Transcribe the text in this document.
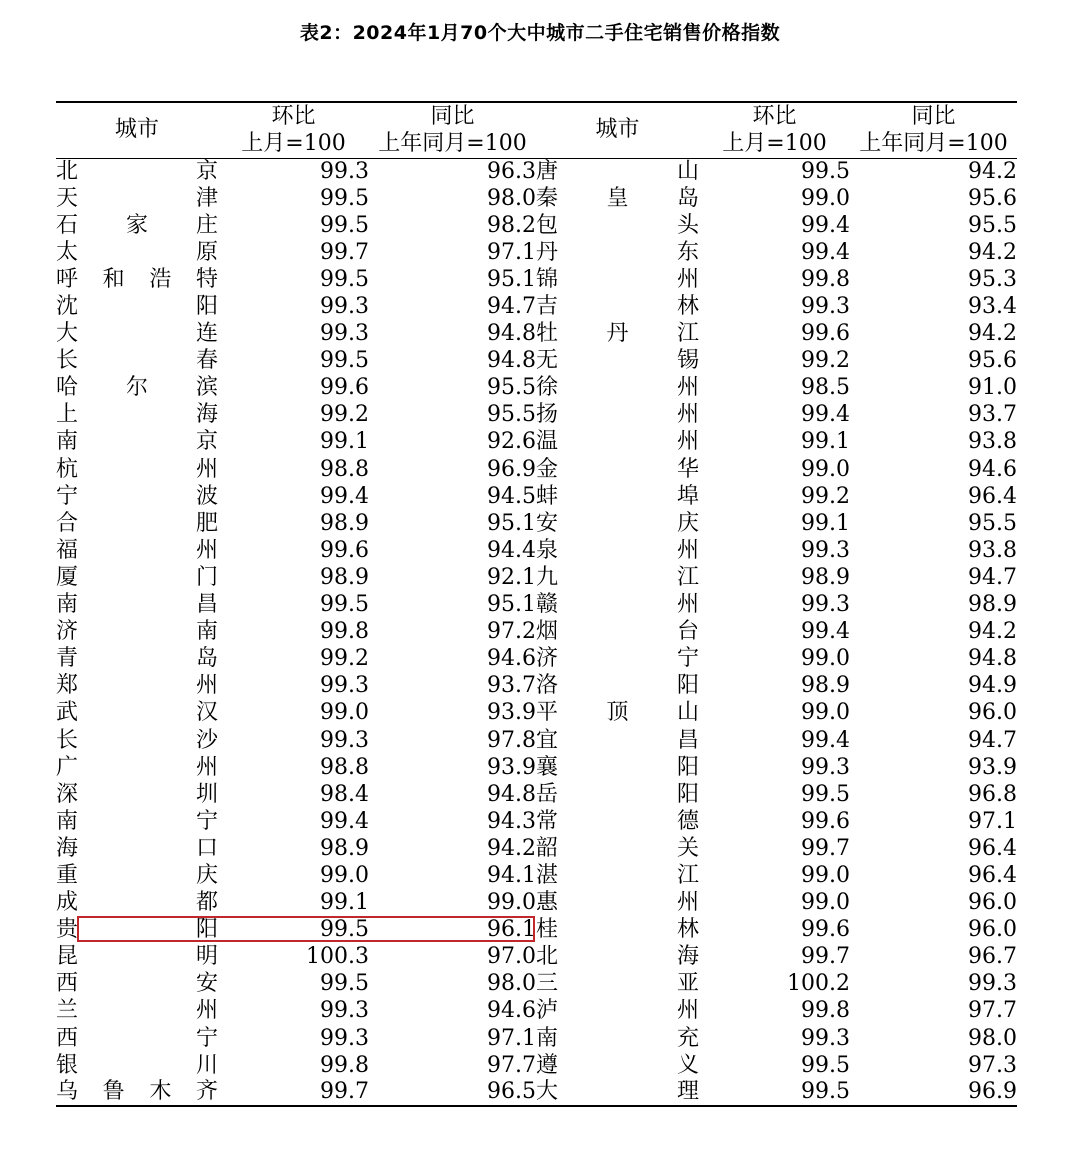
表2：2024年1月70个大中城市二手住宅销售价格指数
城市	环比	同比	城市	环比	同比
	上月=100	上年同月=100		上月=100	上年同月=100

北 京	99.3	96.3	唐 山	99.5	94.2

天 津	99.5	98.0	秦 皇 岛	99.0	95.6

石 家 庄	99.5	98.2	包 头	99.4	95.5

太 原	99.7	97.1	丹 东	99.4	94.2

呼 和 浩 特	99.5	95.1	锦 州	99.8	95.3

沈 阳	99.3	94.7	吉 林	99.3	93.4

大 连	99.3	94.8	牡 丹 江	99.6	94.2

长 春	99.5	94.8	无 锡	99.2	95.6

哈 尔 滨	99.6	95.5	徐 州	98.5	91.0

上 海	99.2	95.5	扬 州	99.4	93.7

南 京	99.1	92.6	温 州	99.1	93.8

杭 州	98.8	96.9	金 华	99.0	94.6

宁 波	99.4	94.5	蚌 埠	99.2	96.4

合 肥	98.9	95.1	安 庆	99.1	95.5

福 州	99.6	94.4	泉 州	99.3	93.8

厦 门	98.9	92.1	九 江	98.9	94.7

南 昌	99.5	95.1	赣 州	99.3	98.9

济 南	99.8	97.2	烟 台	99.4	94.2

青 岛	99.2	94.6	济 宁	99.0	94.8

郑 州	99.3	93.7	洛 阳	98.9	94.9

武 汉	99.0	93.9	平 顶 山	99.0	96.0

长 沙	99.3	97.8	宜 昌	99.4	94.7

广 州	98.8	93.9	襄 阳	99.3	93.9

深 圳	98.4	94.8	岳 阳	99.5	96.8

南 宁	99.4	94.3	常 德	99.6	97.1

海 口	98.9	94.2	韶 关	99.7	96.4

重 庆	99.0	94.1	湛 江	99.0	96.4

成 都	99.1	99.0	惠 州	99.0	96.0

贵 阳	99.5	96.1	桂 林	99.6	96.0

昆 明	100.3	97.0	北 海	99.7	96.7

西 安	99.5	98.0	三 亚	100.2	99.3

兰 州	99.3	94.6	泸 州	99.8	97.7

西 宁	99.3	97.1	南 充	99.3	98.0

银 川	99.8	97.7	遵 义	99.5	97.3

乌 鲁 木 齐	99.7	96.5	大 理	99.5	96.9
